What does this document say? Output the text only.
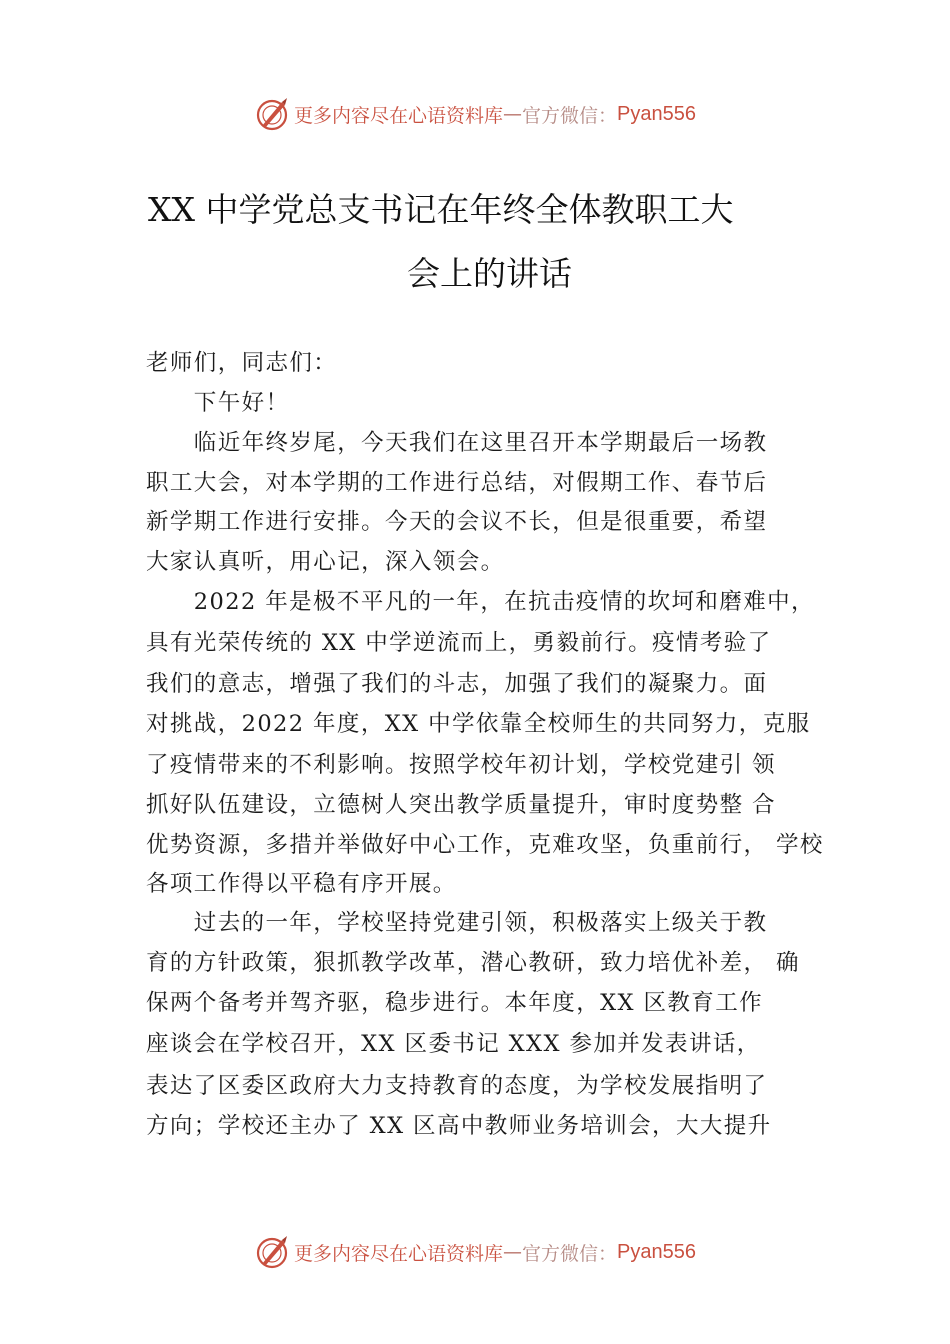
更多内容尽在心语资料库 — 官方微信： Pyan556
XX 中学党总支书记在年终全体教职工大
会上的讲话
老师们，同志们：
　　下午好！
　　临近年终岁尾，今天我们在这里召开本学期最后一场教
职工大会，对本学期的工作进行总结，对假期工作、春节后
新学期工作进行安排。今天的会议不长，但是很重要，希望
大家认真听，用心记，深入领会。
　　2022 年是极不平凡的一年，在抗击疫情的坎坷和磨难中，
具有光荣传统的 XX 中学逆流而上，勇毅前行。疫情考验了
我们的意志，增强了我们的斗志，加强了我们的凝聚力。面
对挑战，2022 年度，XX 中学依靠全校师生的共同努力，克服
了疫情带来的不利影响。按照学校年初计划，学校党建引 领
抓好队伍建设，立德树人突出教学质量提升，审时度势整 合
优势资源，多措并举做好中心工作，克难攻坚，负重前行， 学校
各项工作得以平稳有序开展。
　　过去的一年，学校坚持党建引领，积极落实上级关于教
育的方针政策，狠抓教学改革，潜心教研，致力培优补差， 确
保两个备考并驾齐驱，稳步进行。本年度，XX 区教育工作
座谈会在学校召开，XX 区委书记 XXX 参加并发表讲话，
表达了区委区政府大力支持教育的态度，为学校发展指明了
方向；学校还主办了 XX 区高中教师业务培训会，大大提升
更多内容尽在心语资料库 — 官方微信： Pyan556
